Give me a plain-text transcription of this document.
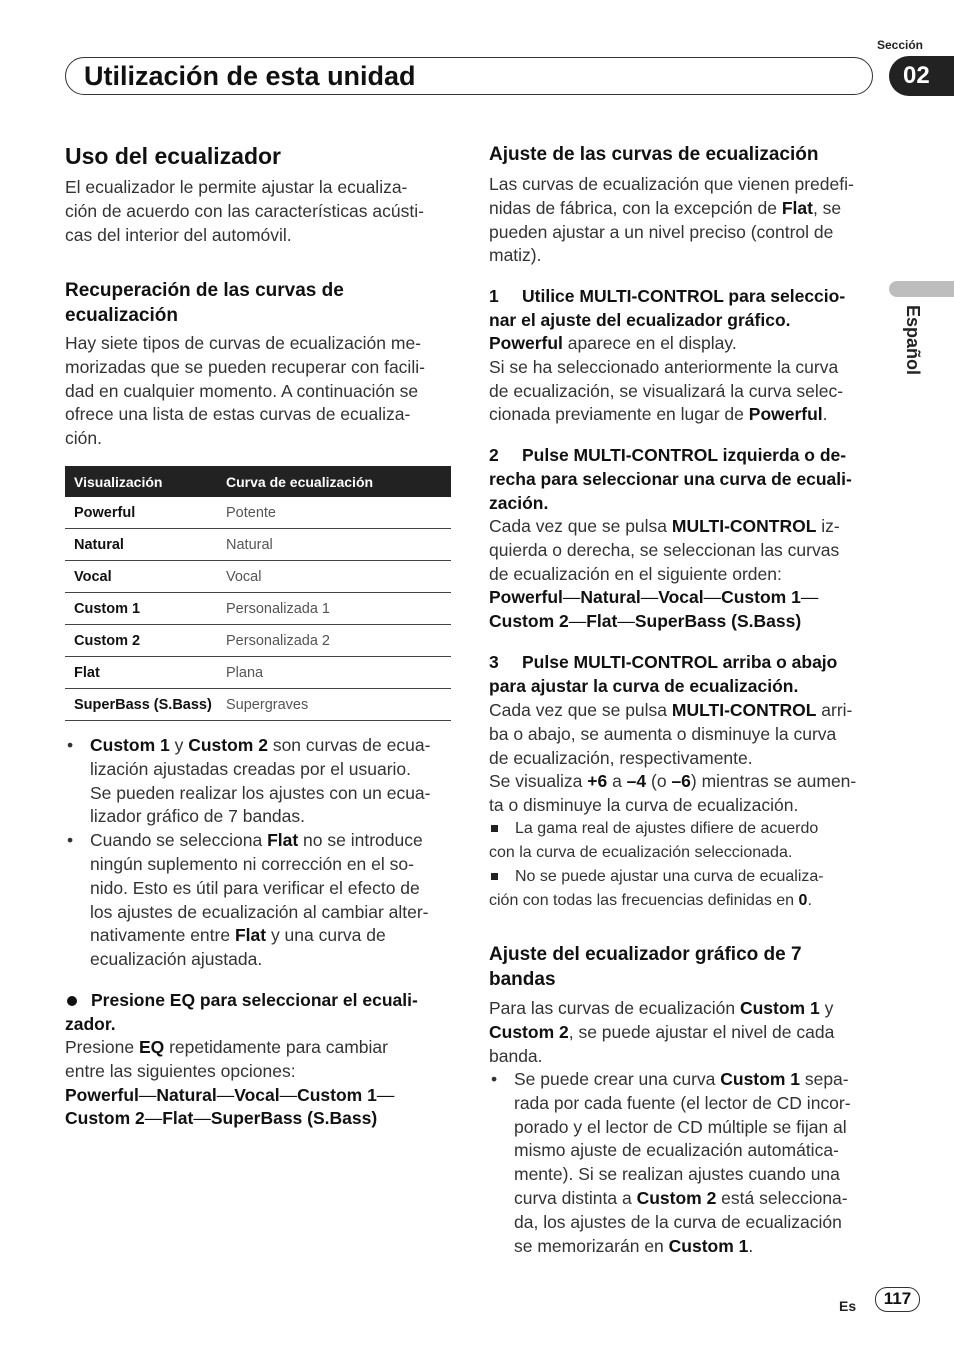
Utilización de esta unidad
Sección
02
Español
Uso del ecualizador
El ecualizador le permite ajustar la ecualiza-
ción de acuerdo con las características acústi-
cas del interior del automóvil.
Recuperación de las curvas de
ecualización
Hay siete tipos de curvas de ecualización me-
morizadas que se pueden recuperar con facili-
dad en cualquier momento. A continuación se
ofrece una lista de estas curvas de ecualiza-
ción.
Visualización	Curva de ecualización
Powerful	Potente
Natural	Natural
Vocal	Vocal
Custom 1	Personalizada 1
Custom 2	Personalizada 2
Flat	Plana
SuperBass (S.Bass)	Supergraves
• Custom 1 y Custom 2 son curvas de ecua-
lización ajustadas creadas por el usuario.
Se pueden realizar los ajustes con un ecua-
lizador gráfico de 7 bandas.
• Cuando se selecciona Flat no se introduce
ningún suplemento ni corrección en el so-
nido. Esto es útil para verificar el efecto de
los ajustes de ecualización al cambiar alter-
nativamente entre Flat y una curva de
ecualización ajustada.
Presione EQ para seleccionar el ecuali-
zador.
Presione EQ repetidamente para cambiar
entre las siguientes opciones:
Powerful—Natural—Vocal—Custom 1—
Custom 2—Flat—SuperBass (S.Bass)
Ajuste de las curvas de ecualización
Las curvas de ecualización que vienen predefi-
nidas de fábrica, con la excepción de Flat, se
pueden ajustar a un nivel preciso (control de
matiz).
1 Utilice MULTI-CONTROL para seleccio-
nar el ajuste del ecualizador gráfico.
Powerful aparece en el display.
Si se ha seleccionado anteriormente la curva
de ecualización, se visualizará la curva selec-
cionada previamente en lugar de Powerful.
2 Pulse MULTI-CONTROL izquierda o de-
recha para seleccionar una curva de ecuali-
zación.
Cada vez que se pulsa MULTI-CONTROL iz-
quierda o derecha, se seleccionan las curvas
de ecualización en el siguiente orden:
Powerful—Natural—Vocal—Custom 1—
Custom 2—Flat—SuperBass (S.Bass)
3 Pulse MULTI-CONTROL arriba o abajo
para ajustar la curva de ecualización.
Cada vez que se pulsa MULTI-CONTROL arri-
ba o abajo, se aumenta o disminuye la curva
de ecualización, respectivamente.
Se visualiza +6 a –4 (o –6) mientras se aumen-
ta o disminuye la curva de ecualización.
La gama real de ajustes difiere de acuerdo
con la curva de ecualización seleccionada.
No se puede ajustar una curva de ecualiza-
ción con todas las frecuencias definidas en 0.
Ajuste del ecualizador gráfico de 7
bandas
Para las curvas de ecualización Custom 1 y
Custom 2, se puede ajustar el nivel de cada
banda.
• Se puede crear una curva Custom 1 sepa-
rada por cada fuente (el lector de CD incor-
porado y el lector de CD múltiple se fijan al
mismo ajuste de ecualización automática-
mente). Si se realizan ajustes cuando una
curva distinta a Custom 2 está selecciona-
da, los ajustes de la curva de ecualización
se memorizarán en Custom 1.
Es	117
